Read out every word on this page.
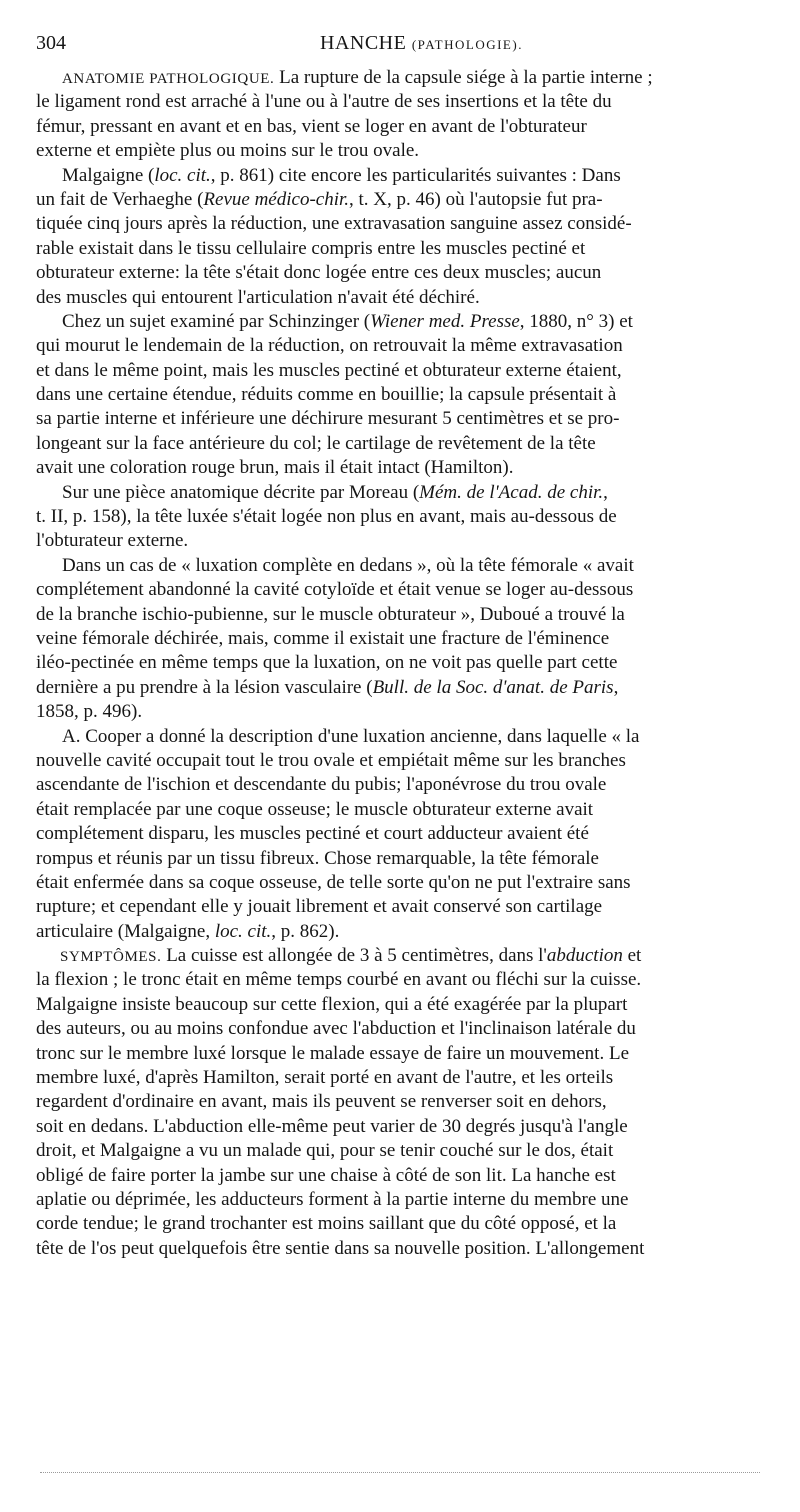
304	HANCHE (PATHOLOGIE).
ANATOMIE PATHOLOGIQUE. La rupture de la capsule siége à la partie interne ;
le ligament rond est arraché à l'une ou à l'autre de ses insertions et la tête du
fémur, pressant en avant et en bas, vient se loger en avant de l'obturateur
externe et empiète plus ou moins sur le trou ovale.
Malgaigne (loc. cit., p. 861) cite encore les particularités suivantes : Dans
un fait de Verhaeghe (Revue médico-chir., t. X, p. 46) où l'autopsie fut pra-
tiquée cinq jours après la réduction, une extravasation sanguine assez considé-
rable existait dans le tissu cellulaire compris entre les muscles pectiné et
obturateur externe: la tête s'était donc logée entre ces deux muscles; aucun
des muscles qui entourent l'articulation n'avait été déchiré.
Chez un sujet examiné par Schinzinger (Wiener med. Presse, 1880, n° 3) et
qui mourut le lendemain de la réduction, on retrouvait la même extravasation
et dans le même point, mais les muscles pectiné et obturateur externe étaient,
dans une certaine étendue, réduits comme en bouillie; la capsule présentait à
sa partie interne et inférieure une déchirure mesurant 5 centimètres et se pro-
longeant sur la face antérieure du col; le cartilage de revêtement de la tête
avait une coloration rouge brun, mais il était intact (Hamilton).
Sur une pièce anatomique décrite par Moreau (Mém. de l'Acad. de chir.,
t. II, p. 158), la tête luxée s'était logée non plus en avant, mais au-dessous de
l'obturateur externe.
Dans un cas de « luxation complète en dedans », où la tête fémorale « avait
complétement abandonné la cavité cotyloïde et était venue se loger au-dessous
de la branche ischio-pubienne, sur le muscle obturateur », Duboué a trouvé la
veine fémorale déchirée, mais, comme il existait une fracture de l'éminence
iléo-pectinée en même temps que la luxation, on ne voit pas quelle part cette
dernière a pu prendre à la lésion vasculaire (Bull. de la Soc. d'anat. de Paris,
1858, p. 496).
A. Cooper a donné la description d'une luxation ancienne, dans laquelle « la
nouvelle cavité occupait tout le trou ovale et empiétait même sur les branches
ascendante de l'ischion et descendante du pubis; l'aponévrose du trou ovale
était remplacée par une coque osseuse; le muscle obturateur externe avait
complétement disparu, les muscles pectiné et court adducteur avaient été
rompus et réunis par un tissu fibreux. Chose remarquable, la tête fémorale
était enfermée dans sa coque osseuse, de telle sorte qu'on ne put l'extraire sans
rupture; et cependant elle y jouait librement et avait conservé son cartilage
articulaire (Malgaigne, loc. cit., p. 862).
SYMPTÔMES. La cuisse est allongée de 3 à 5 centimètres, dans l'abduction et
la flexion ; le tronc était en même temps courbé en avant ou fléchi sur la cuisse.
Malgaigne insiste beaucoup sur cette flexion, qui a été exagérée par la plupart
des auteurs, ou au moins confondue avec l'abduction et l'inclinaison latérale du
tronc sur le membre luxé lorsque le malade essaye de faire un mouvement. Le
membre luxé, d'après Hamilton, serait porté en avant de l'autre, et les orteils
regardent d'ordinaire en avant, mais ils peuvent se renverser soit en dehors,
soit en dedans. L'abduction elle-même peut varier de 30 degrés jusqu'à l'angle
droit, et Malgaigne a vu un malade qui, pour se tenir couché sur le dos, était
obligé de faire porter la jambe sur une chaise à côté de son lit. La hanche est
aplatie ou déprimée, les adducteurs forment à la partie interne du membre une
corde tendue; le grand trochanter est moins saillant que du côté opposé, et la
tête de l'os peut quelquefois être sentie dans sa nouvelle position. L'allongement
